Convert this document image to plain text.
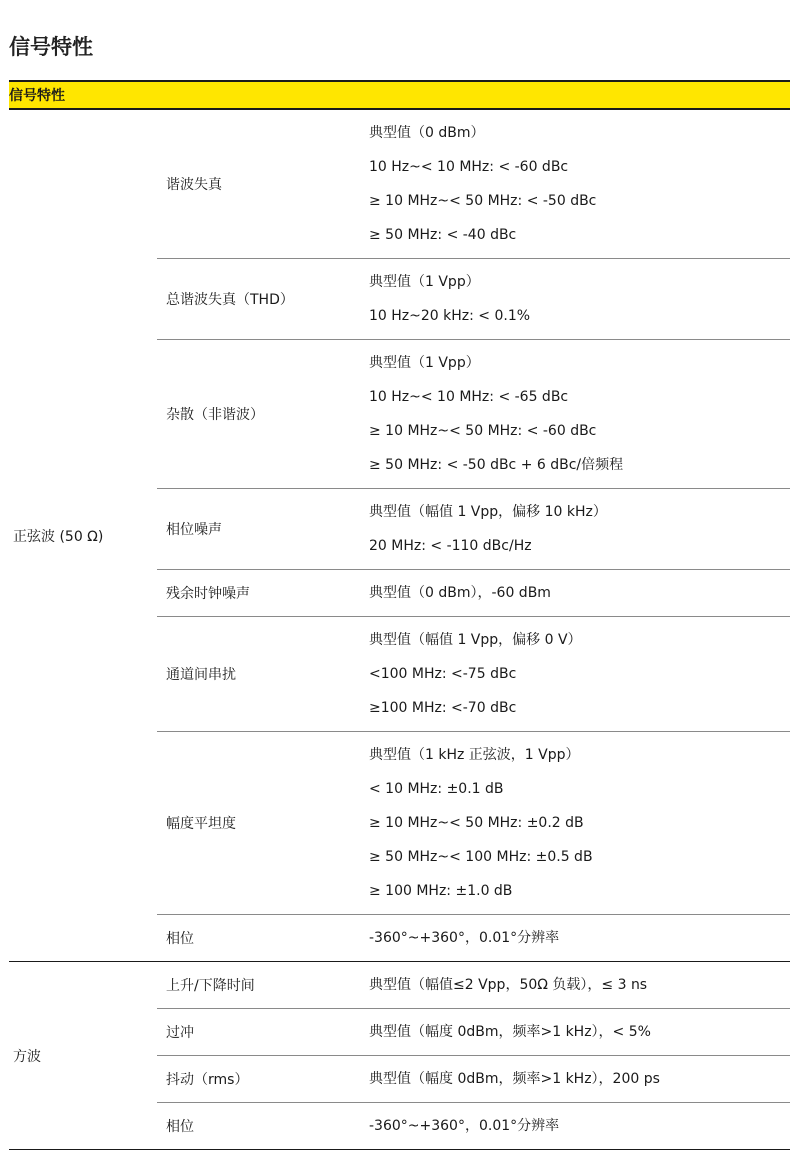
信号特性
信号特性		
正弦波 (50 Ω)	谐波失真	典型值（0 dBm）
10 Hz~< 10 MHz: < -60 dBc
≥ 10 MHz~< 50 MHz: < -50 dBc
≥ 50 MHz: < -40 dBc

	总谐波失真（THD）	典型值（1 Vpp）
10 Hz~20 kHz: < 0.1%

	杂散（非谐波）	典型值（1 Vpp）
10 Hz~< 10 MHz: < -65 dBc
≥ 10 MHz~< 50 MHz: < -60 dBc
≥ 50 MHz: < -50 dBc + 6 dBc/倍频程

	相位噪声	典型值（幅值 1 Vpp，偏移 10 kHz）
20 MHz: < -110 dBc/Hz

	残余时钟噪声	典型值（0 dBm），-60 dBm

	通道间串扰	典型值（幅值 1 Vpp，偏移 0 V）
<100 MHz: <-75 dBc
≥100 MHz: <-70 dBc

	幅度平坦度	典型值（1 kHz 正弦波，1 Vpp）
< 10 MHz: ±0.1 dB
≥ 10 MHz~< 50 MHz: ±0.2 dB
≥ 50 MHz~< 100 MHz: ±0.5 dB
≥ 100 MHz: ±1.0 dB

	相位	-360°~+360°，0.01°分辨率

方波	上升/下降时间	典型值（幅值≤2 Vpp，50Ω 负载），≤ 3 ns

	过冲	典型值（幅度 0dBm，频率>1 kHz），< 5%

	抖动（rms）	典型值（幅度 0dBm，频率>1 kHz），200 ps

	相位	-360°~+360°，0.01°分辨率
